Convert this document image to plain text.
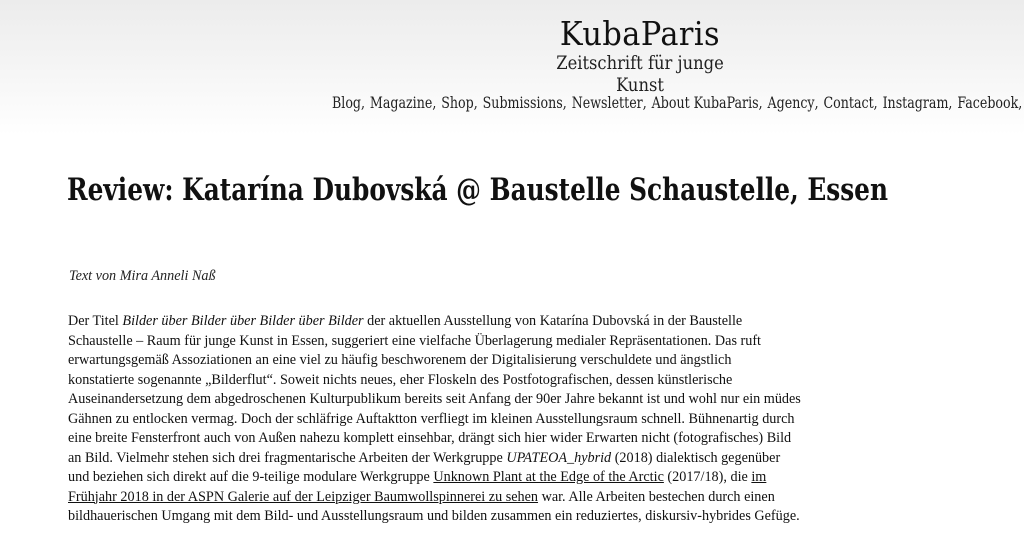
KubaParis
Zeitschrift für junge Kunst
Blog , Magazine , Shop , Submissions , Newsletter , About KubaParis , Agency , Contact , Instagram , Facebook ,
Review: Katarína Dubovská @ Baustelle Schaustelle, Essen

Text von Mira Anneli Naß

Der Titel Bilder über Bilder über Bilder über Bilder der aktuellen Ausstellung von Katarína Dubovská in der Baustelle
Schaustelle – Raum für junge Kunst in Essen, suggeriert eine vielfache Überlagerung medialer Repräsentationen. Das ruft
erwartungsgemäß Assoziationen an eine viel zu häufig beschworenem der Digitalisierung verschuldete und ängstlich
konstatierte sogenannte „Bilderflut“. Soweit nichts neues, eher Floskeln des Postfotografischen, dessen künstlerische
Auseinandersetzung dem abgedroschenen Kulturpublikum bereits seit Anfang der 90er Jahre bekannt ist und wohl nur ein müdes
Gähnen zu entlocken vermag. Doch der schläfrige Auftaktton verfliegt im kleinen Ausstellungsraum schnell. Bühnenartig durch
eine breite Fensterfront auch von Außen nahezu komplett einsehbar, drängt sich hier wider Erwarten nicht (fotografisches) Bild
an Bild. Vielmehr stehen sich drei fragmentarische Arbeiten der Werkgruppe UPATEOA_hybrid (2018) dialektisch gegenüber
und beziehen sich direkt auf die 9-teilige modulare Werkgruppe Unknown Plant at the Edge of the Arctic (2017/18), die im
Frühjahr 2018 in der ASPN Galerie auf der Leipziger Baumwollspinnerei zu sehen war. Alle Arbeiten bestechen durch einen
bildhauerischen Umgang mit dem Bild- und Ausstellungsraum und bilden zusammen ein reduziertes, diskursiv-hybrides Gefüge.
